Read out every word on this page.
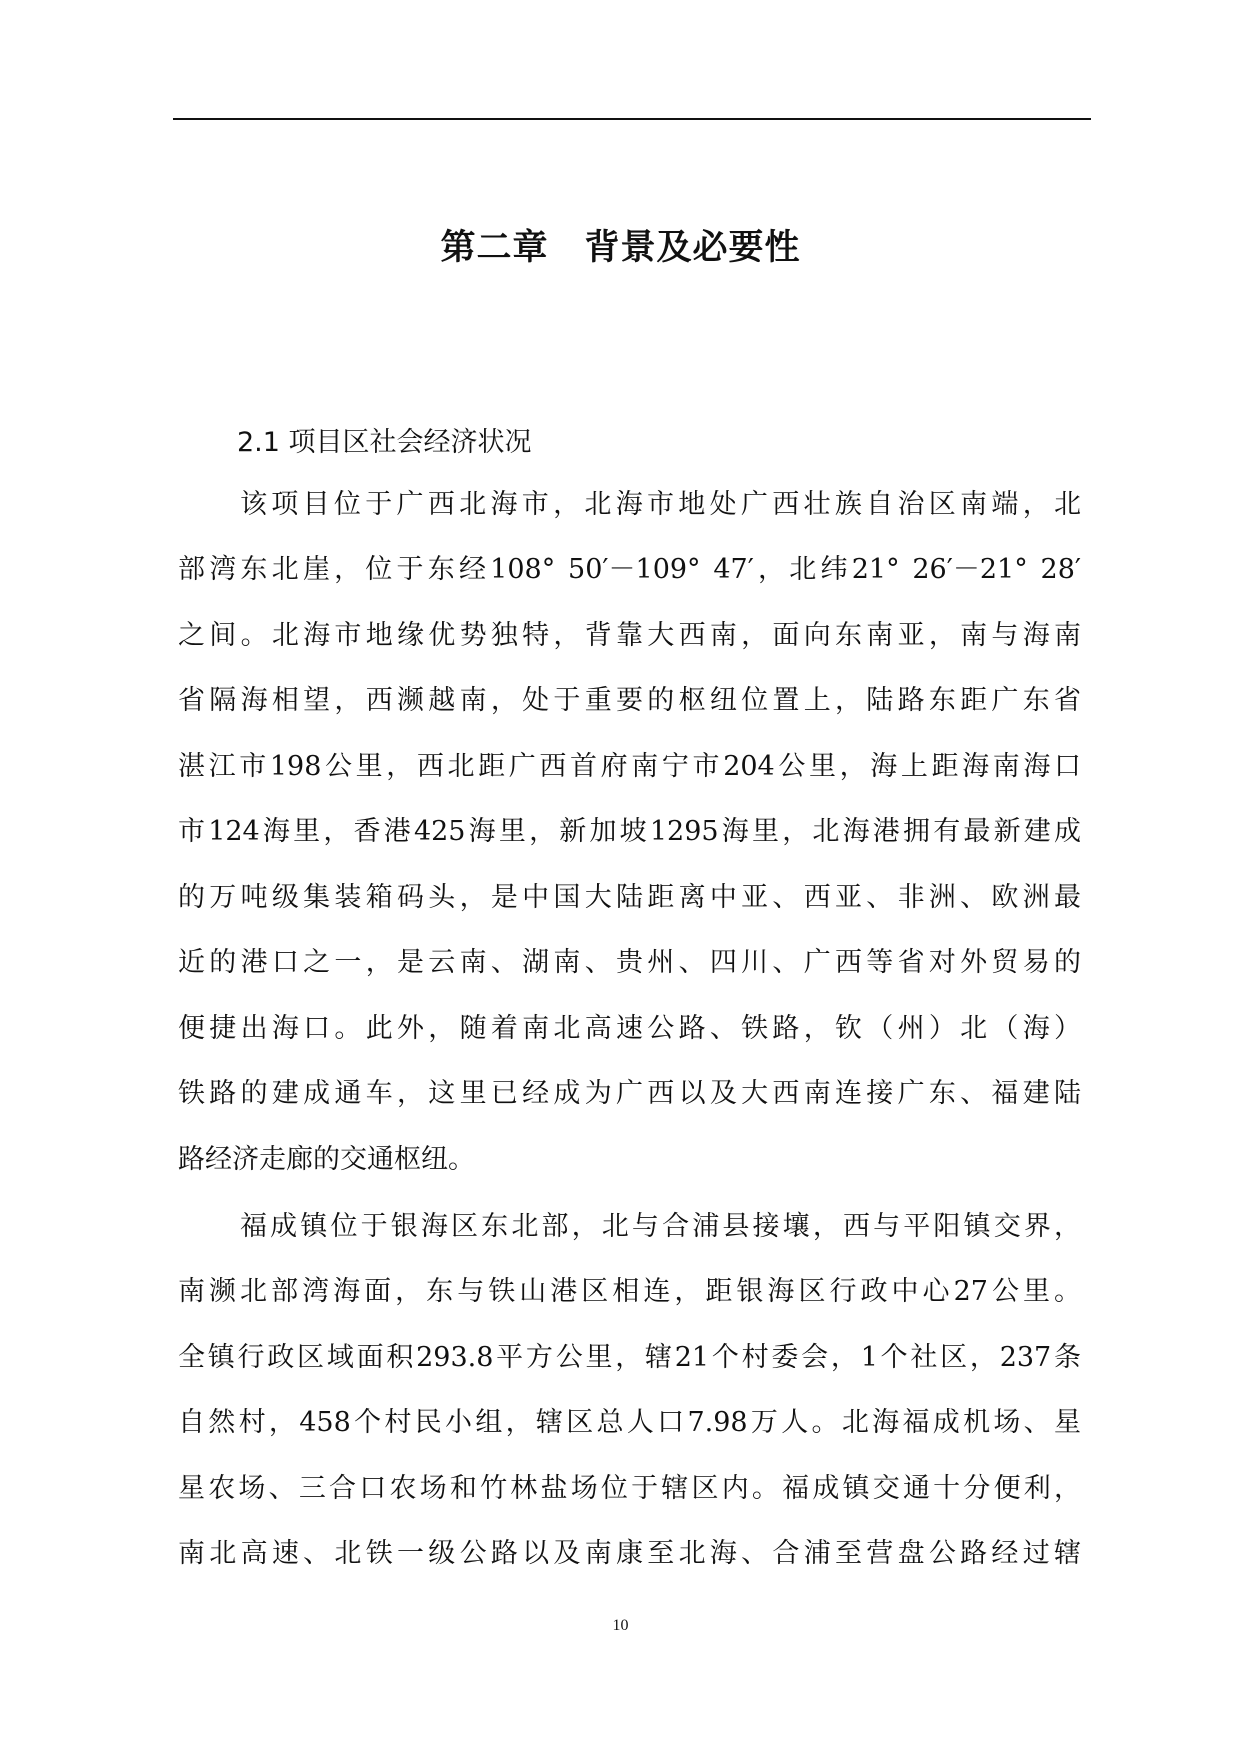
第二章　背景及必要性
2.1 项目区社会经济状况
该项目位于广西北海市，北海市地处广西壮族自治区南端，北
部湾东北崖，位于东经108° 50′－109° 47′，北纬21° 26′－21° 28′
之间。北海市地缘优势独特，背靠大西南，面向东南亚，南与海南
省隔海相望，西濒越南，处于重要的枢纽位置上，陆路东距广东省
湛江市198公里，西北距广西首府南宁市204公里，海上距海南海口
市124海里，香港425海里，新加坡1295海里，北海港拥有最新建成
的万吨级集装箱码头，是中国大陆距离中亚、西亚、非洲、欧洲最
近的港口之一，是云南、湖南、贵州、四川、广西等省对外贸易的
便捷出海口。此外，随着南北高速公路、铁路，钦（州）北（海）
铁路的建成通车，这里已经成为广西以及大西南连接广东、福建陆
路经济走廊的交通枢纽。
福成镇位于银海区东北部，北与合浦县接壤，西与平阳镇交界，
南濒北部湾海面，东与铁山港区相连，距银海区行政中心27公里。
全镇行政区域面积293.8平方公里，辖21个村委会，1个社区，237条
自然村，458个村民小组，辖区总人口7.98万人。北海福成机场、星
星农场、三合口农场和竹林盐场位于辖区内。福成镇交通十分便利，
南北高速、北铁一级公路以及南康至北海、合浦至营盘公路经过辖
10
